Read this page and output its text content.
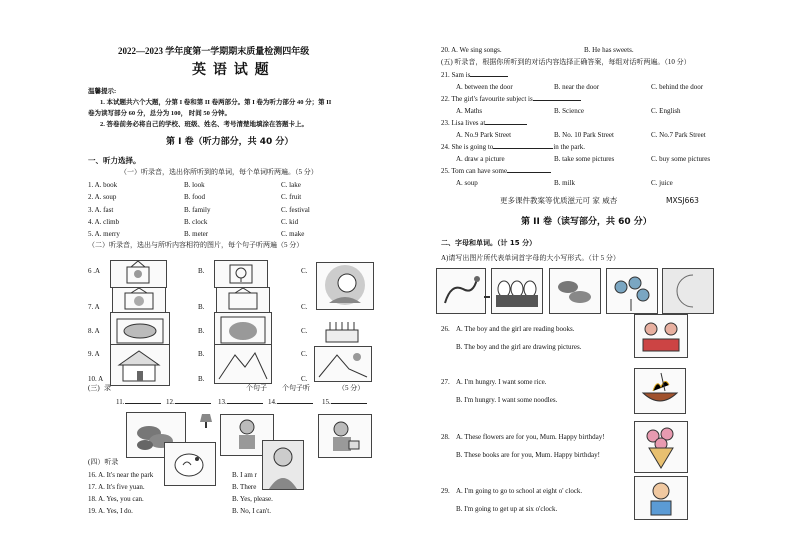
2022—2023 学年度第一学期期末质量检测四年级
英 语 试 题
温馨提示:
1. 本试题共六个大题，分第 I 卷和第 II 卷两部分。第 I 卷为听力部分 40 分；第 II
卷为读写部分 60 分，总分为 100， 时间 50 分钟。
2. 答卷前务必将自己的学校、班级、姓名、考号清楚地填涂在答题卡上。
第 I 卷（听力部分，共 40 分）
一、听力选择。
（一）听录音，选出你所听到的单词，每个单词听两遍。（5 分）
1. A. book	B. look	C. lake
2. A. soup	B. food	C. fruit
3. A. fast	B. family	C. festival
4. A. climb	B. clock	C. kid
5. A. merry	B. meter	C. make
（二）听录音，选出与所听内容相符的图片，每个句子听两遍（5 分）
6 .A	B.	C.
7. A	B.	C.
8. A	B.	C.
9. A	B.	C.
10. A	B.	C.
(三) 录	个句子 个句子听	（5 分）
11.	12.	13.	14.	15.
(四）听录
16. A. It's near the park	B. I am r
17. A. It's five yuan.	B. There
18. A. Yes, you can.	B. Yes, please.
19. A. Yes, I do.	B. No, I can't.
20. A. We sing songs.	B. He has sweets.
(五) 听录音，根据你所听到的对话内容选择正确答案，每组对话听两遍。（10 分）
21. Sam is
A. between the door	B. near the door	C. behind the door
22. The girl's favourite subject is
A. Maths	B. Science	C. English
23. Lisa lives at
A. No.9 Park Street	B. No. 10 Park Street	C. No.7 Park Street
24. She is going to	in the park.
A. draw a picture	B. take some pictures	C. buy some pictures
25. Tom can have some
A. soup	B. milk	C. juice
更多课件教案等优质滋元可 家 威杏	MXSJ663
第 II 卷（读写部分，共 60 分）
二、字母和单词。（计 15 分）
A)请写出图片所代表单词首字母的大小写形式。（计 5 分）
26. A. The boy and the girl are reading books.
B. The boy and the girl are drawing pictures.
27. A. I'm hungry. I want some rice.
B. I'm hungry. I want some noodles.
28. A. These flowers are for you, Mum. Happy birthday!
B. These books are for you, Mum. Happy birthday!
29. A. I'm going to go to school at eight o' clock.
B. I'm going to get up at six o'clock.
